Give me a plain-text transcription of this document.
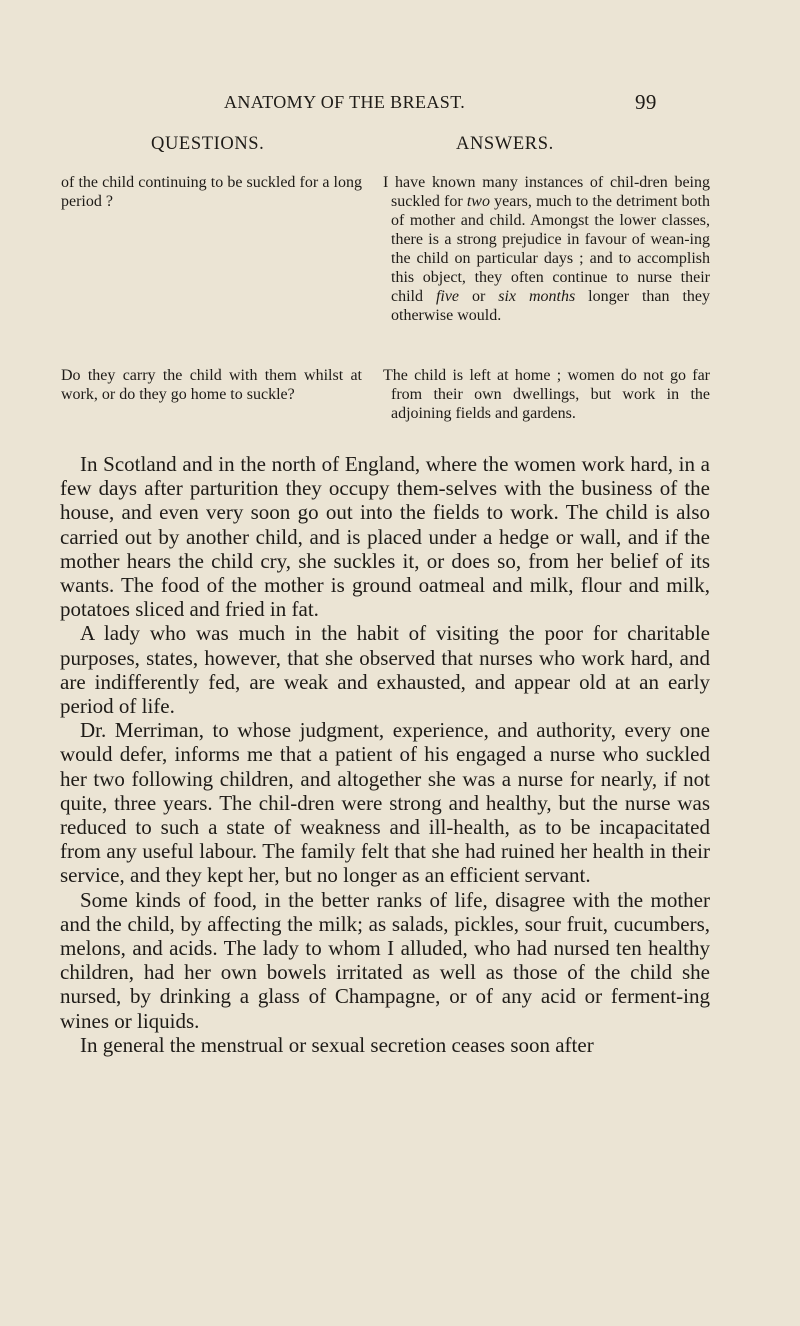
ANATOMY OF THE BREAST.	99
QUESTIONS.	ANSWERS.

of the child continuing to be suckled for a long period ?

I have known many instances of chil-dren being suckled for two years, much to the detriment both of mother and child. Amongst the lower classes, there is a strong prejudice in favour of wean-ing the child on particular days ; and to accomplish this object, they often continue to nurse their child five or six months longer than they otherwise would.

Do they carry the child with them whilst at work, or do they go home to suckle?

The child is left at home ; women do not go far from their own dwellings, but work in the adjoining fields and gardens.

In Scotland and in the north of England, where the women work hard, in a few days after parturition they occupy them-selves with the business of the house, and even very soon go out into the fields to work. The child is also carried out by another child, and is placed under a hedge or wall, and if the mother hears the child cry, she suckles it, or does so, from her belief of its wants. The food of the mother is ground oatmeal and milk, flour and milk, potatoes sliced and fried in fat.

A lady who was much in the habit of visiting the poor for charitable purposes, states, however, that she observed that nurses who work hard, and are indifferently fed, are weak and exhausted, and appear old at an early period of life.

Dr. Merriman, to whose judgment, experience, and authority, every one would defer, informs me that a patient of his engaged a nurse who suckled her two following children, and altogether she was a nurse for nearly, if not quite, three years. The chil-dren were strong and healthy, but the nurse was reduced to such a state of weakness and ill-health, as to be incapacitated from any useful labour. The family felt that she had ruined her health in their service, and they kept her, but no longer as an efficient servant.

Some kinds of food, in the better ranks of life, disagree with the mother and the child, by affecting the milk; as salads, pickles, sour fruit, cucumbers, melons, and acids. The lady to whom I alluded, who had nursed ten healthy children, had her own bowels irritated as well as those of the child she nursed, by drinking a glass of Champagne, or of any acid or ferment-ing wines or liquids.

In general the menstrual or sexual secretion ceases soon after
